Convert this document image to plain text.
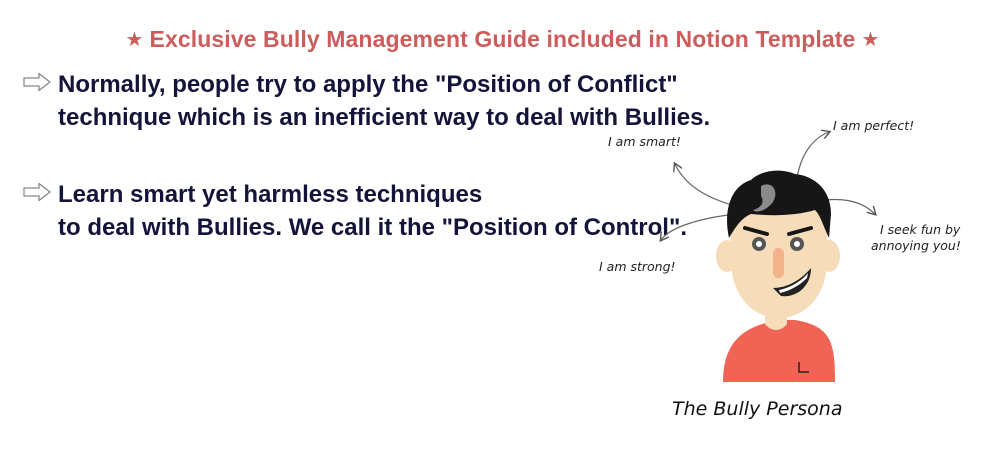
★ Exclusive Bully Management Guide included in Notion Template ★
Normally, people try to apply the "Position of Conflict"
technique which is an inefficient way to deal with Bullies.
Learn smart yet harmless techniques
to deal with Bullies. We call it the "Position of Control".
I am smart!
I am perfect!
I seek fun by
annoying you!
I am strong!
The Bully Persona
